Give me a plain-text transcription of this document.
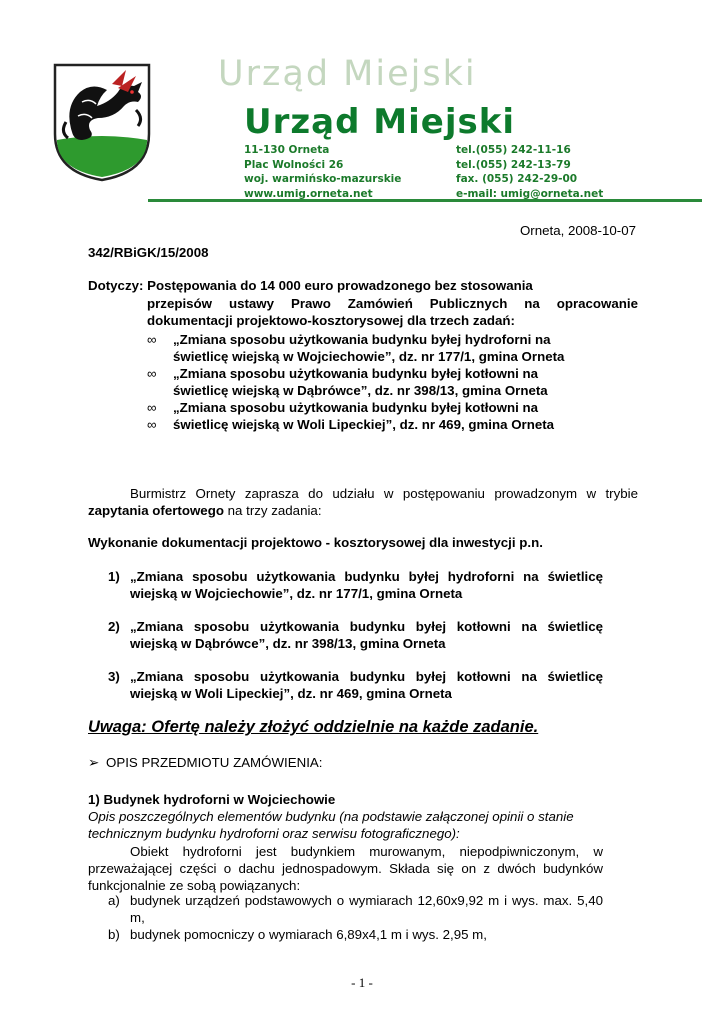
Urząd Miejski
Urząd Miejski
11-130 Orneta
Plac Wolności 26
woj. warmińsko-mazurskie
www.umig.orneta.net
tel.(055) 242-11-16
tel.(055) 242-13-79
fax. (055) 242-29-00
e-mail: umig@orneta.net
Orneta, 2008-10-07
342/RBiGK/15/2008
Dotyczy: Postępowania do 14 000 euro prowadzonego bez stosowania
przepisów ustawy Prawo Zamówień Publicznych na opracowanie dokumentacji projektowo-kosztorysowej dla trzech zadań:
∞ „Zmiana sposobu użytkowania budynku byłej hydroforni na
świetlicę wiejską w Wojciechowie”, dz. nr 177/1, gmina Orneta
∞ „Zmiana sposobu użytkowania budynku byłej kotłowni na
świetlicę wiejską w Dąbrówce”, dz. nr 398/13, gmina Orneta
∞ „Zmiana sposobu użytkowania budynku byłej kotłowni na
∞ świetlicę wiejską w Woli Lipeckiej”, dz. nr 469, gmina Orneta
Burmistrz Ornety zaprasza do udziału w postępowaniu prowadzonym w trybie zapytania ofertowego na trzy zadania:
Wykonanie dokumentacji projektowo - kosztorysowej dla inwestycji p.n.
1) „Zmiana sposobu użytkowania budynku byłej hydroforni na świetlicę wiejską w Wojciechowie”, dz. nr 177/1, gmina Orneta
2) „Zmiana sposobu użytkowania budynku byłej kotłowni na świetlicę wiejską w Dąbrówce”, dz. nr 398/13, gmina Orneta
3) „Zmiana sposobu użytkowania budynku byłej kotłowni na świetlicę wiejską w Woli Lipeckiej”, dz. nr 469, gmina Orneta
Uwaga: Ofertę należy złożyć oddzielnie na każde zadanie.
➢ OPIS PRZEDMIOTU ZAMÓWIENIA:
1) Budynek hydroforni w Wojciechowie
Opis poszczególnych elementów budynku (na podstawie załączonej opinii o stanie technicznym budynku hydroforni oraz serwisu fotograficznego):
Obiekt hydroforni jest budynkiem murowanym, niepodpiwniczonym, w przeważającej części o dachu jednospadowym. Składa się on z dwóch budynków funkcjonalnie ze sobą powiązanych:
a) budynek urządzeń podstawowych o wymiarach 12,60x9,92 m i wys. max. 5,40 m,
b) budynek pomocniczy o wymiarach 6,89x4,1 m i wys. 2,95 m,
- 1 -
